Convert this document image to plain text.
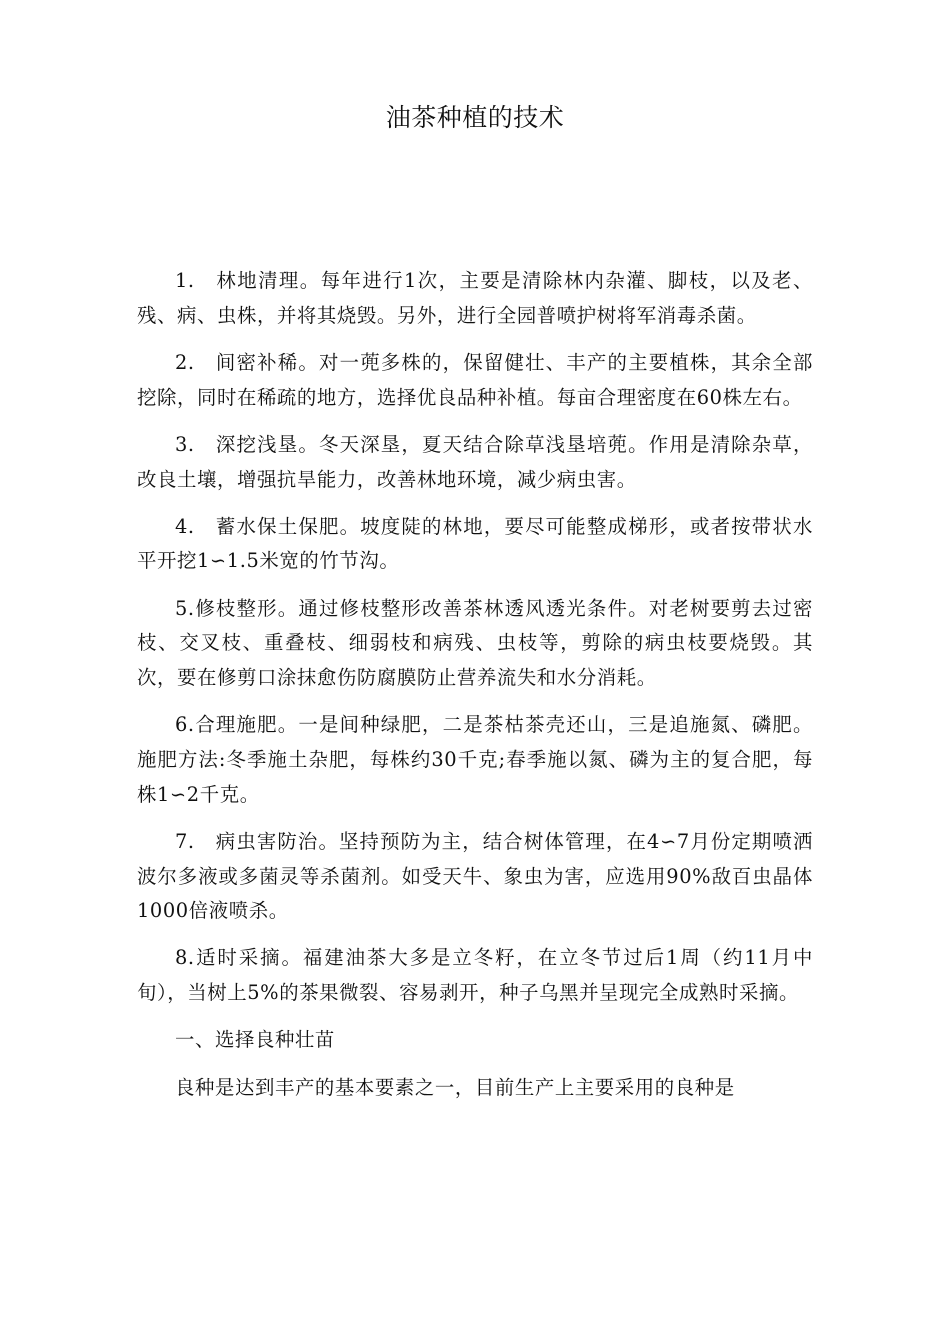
油茶种植的技术

1.　林地清理。每年进行1次，主要是清除林内杂灌、脚枝，以及老、残、病、虫株，并将其烧毁。另外，进行全园普喷护树将军消毒杀菌。

2.　间密补稀。对一蔸多株的，保留健壮、丰产的主要植株，其余全部挖除，同时在稀疏的地方，选择优良品种补植。每亩合理密度在60株左右。

3.　深挖浅垦。冬天深垦，夏天结合除草浅垦培蔸。作用是清除杂草，改良土壤，增强抗旱能力，改善林地环境，减少病虫害。

4.　蓄水保土保肥。坡度陡的林地，要尽可能整成梯形，或者按带状水平开挖1∽1.5米宽的竹节沟。

5.修枝整形。通过修枝整形改善茶林透风透光条件。对老树要剪去过密枝、交叉枝、重叠枝、细弱枝和病残、虫枝等，剪除的病虫枝要烧毁。其次，要在修剪口涂抹愈伤防腐膜防止营养流失和水分消耗。

6.合理施肥。一是间种绿肥，二是茶枯茶壳还山，三是追施氮、磷肥。施肥方法:冬季施土杂肥，每株约30千克;春季施以氮、磷为主的复合肥，每株1∽2千克。

7.　病虫害防治。坚持预防为主，结合树体管理，在4∽7月份定期喷洒波尔多液或多菌灵等杀菌剂。如受天牛、象虫为害，应选用90%敌百虫晶体1000倍液喷杀。

8.适时采摘。福建油茶大多是立冬籽，在立冬节过后1周（约11月中旬），当树上5%的茶果微裂、容易剥开，种子乌黑并呈现完全成熟时采摘。

一、选择良种壮苗

良种是达到丰产的基本要素之一，目前生产上主要采用的良种是
